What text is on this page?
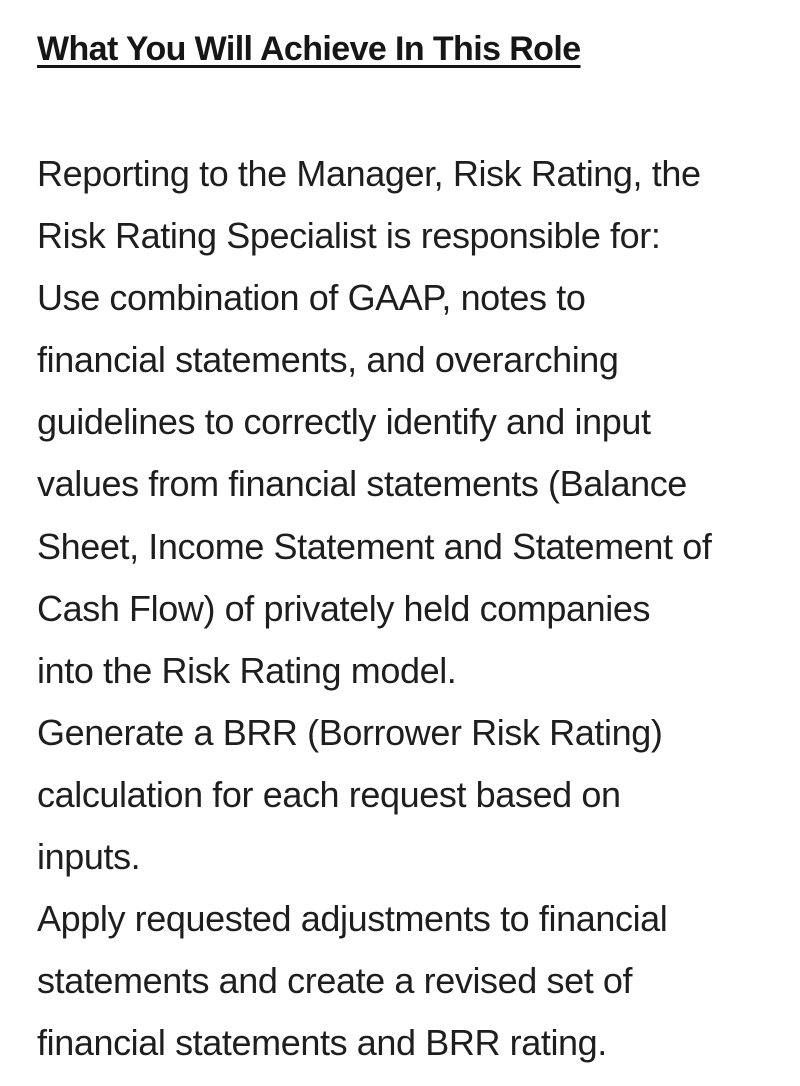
What You Will Achieve In This Role
Reporting to the Manager, Risk Rating, the
Risk Rating Specialist is responsible for:
Use combination of GAAP, notes to
financial statements, and overarching
guidelines to correctly identify and input
values from financial statements (Balance
Sheet, Income Statement and Statement of
Cash Flow) of privately held companies
into the Risk Rating model.
Generate a BRR (Borrower Risk Rating)
calculation for each request based on
inputs.
Apply requested adjustments to financial
statements and create a revised set of
financial statements and BRR rating.
